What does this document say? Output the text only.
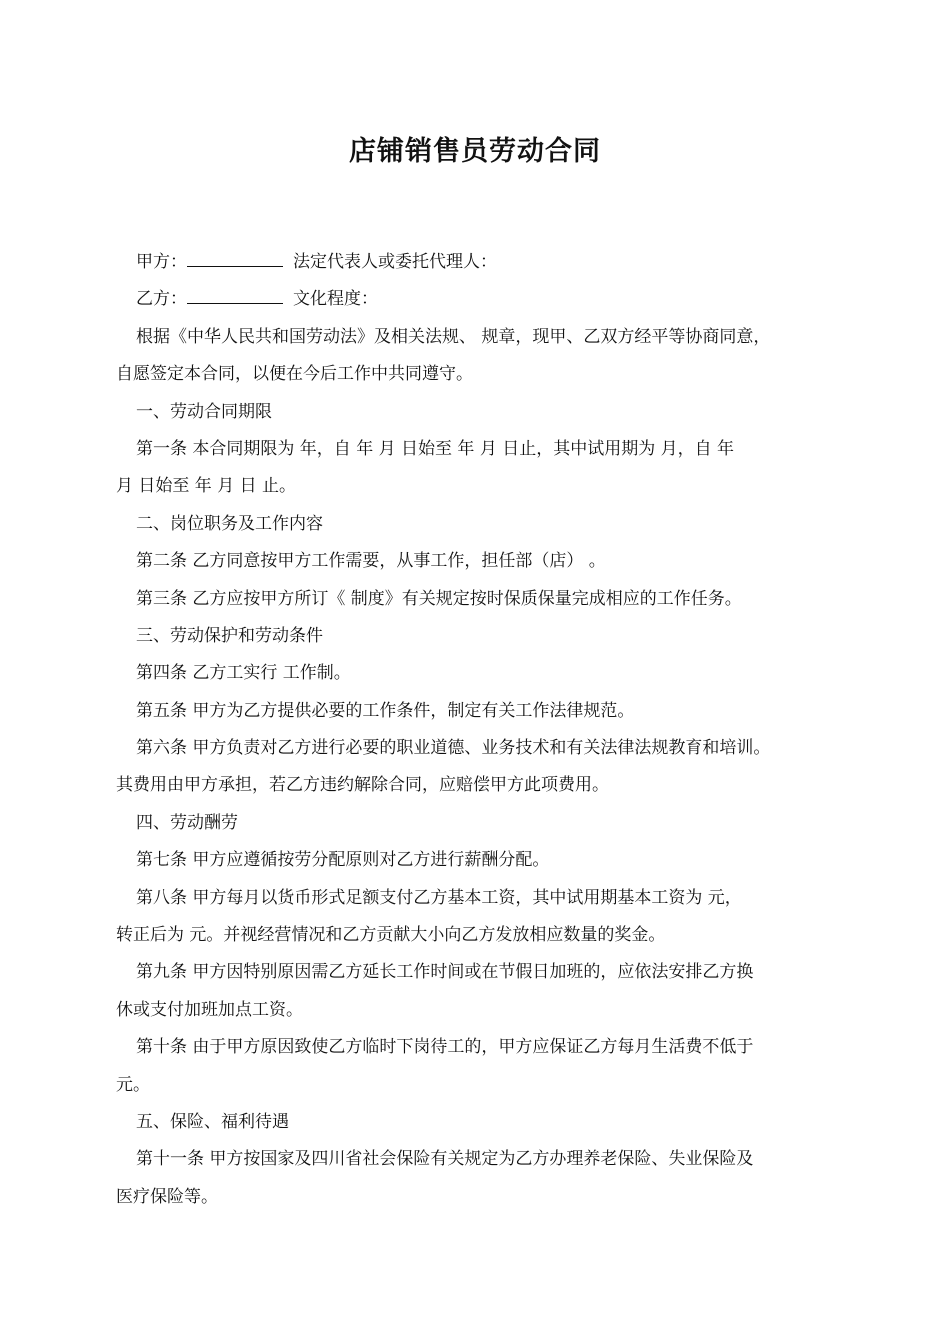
店铺销售员劳动合同
甲方：	法定代表人或委托代理人：
乙方：	文化程度：
根据《中华人民共和国劳动法》及相关法规、 规章，现甲、乙双方经平等协商同意，
自愿签定本合同，以便在今后工作中共同遵守。
一、劳动合同期限
第一条 本合同期限为 年，自 年 月 日始至 年 月 日止，其中试用期为 月，自 年
月 日始至 年 月 日 止。
二、岗位职务及工作内容
第二条 乙方同意按甲方工作需要，从事工作，担任部（店） 。
第三条 乙方应按甲方所订《 制度》有关规定按时保质保量完成相应的工作任务。
三、劳动保护和劳动条件
第四条 乙方工实行 工作制。
第五条 甲方为乙方提供必要的工作条件，制定有关工作法律规范。
第六条 甲方负责对乙方进行必要的职业道德、业务技术和有关法律法规教育和培训。
其费用由甲方承担，若乙方违约解除合同，应赔偿甲方此项费用。
四、劳动酬劳
第七条 甲方应遵循按劳分配原则对乙方进行薪酬分配。
第八条 甲方每月以货币形式足额支付乙方基本工资，其中试用期基本工资为 元，
转正后为 元。并视经营情况和乙方贡献大小向乙方发放相应数量的奖金。
第九条 甲方因特别原因需乙方延长工作时间或在节假日加班的，应依法安排乙方换
休或支付加班加点工资。
第十条 由于甲方原因致使乙方临时下岗待工的，甲方应保证乙方每月生活费不低于
元。
五、保险、福利待遇
第十一条 甲方按国家及四川省社会保险有关规定为乙方办理养老保险、失业保险及
医疗保险等。
